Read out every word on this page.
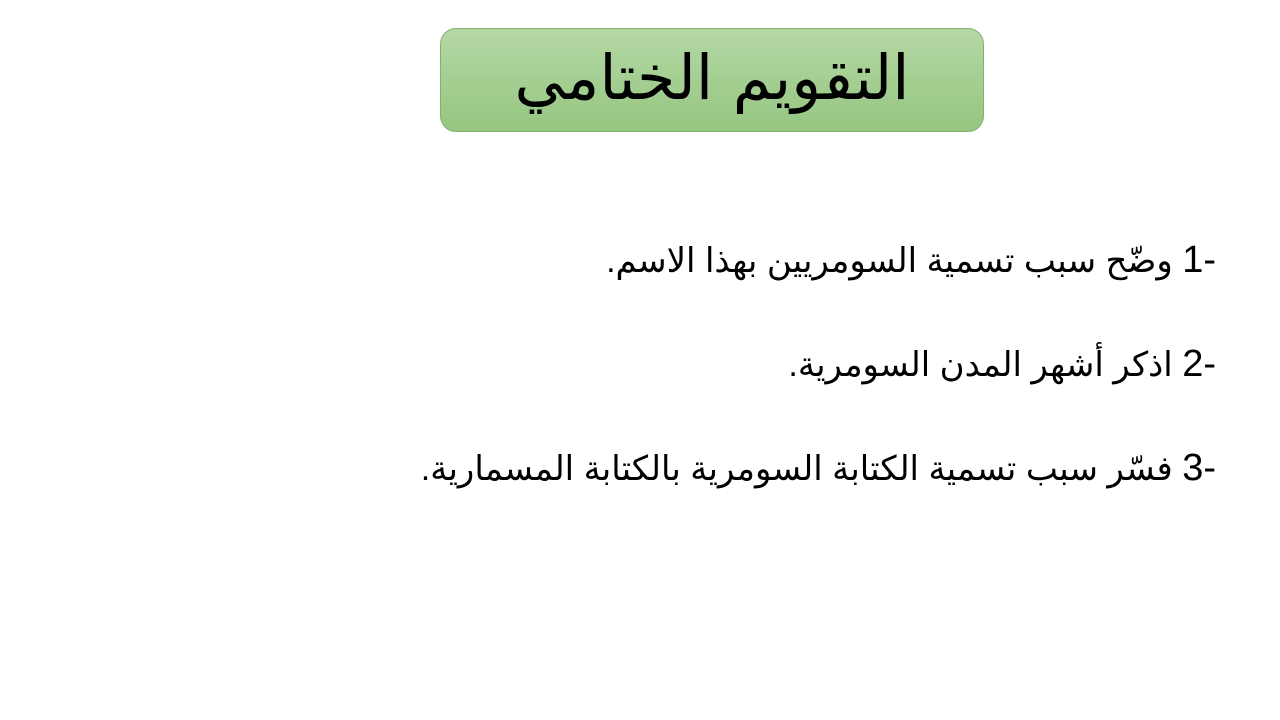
التقويم الختامي
1- وضّح سبب تسمية السومريين بهذا الاسم.
2- اذكر أشهر المدن السومرية.
3- فسّر سبب تسمية الكتابة السومرية بالكتابة المسمارية.
